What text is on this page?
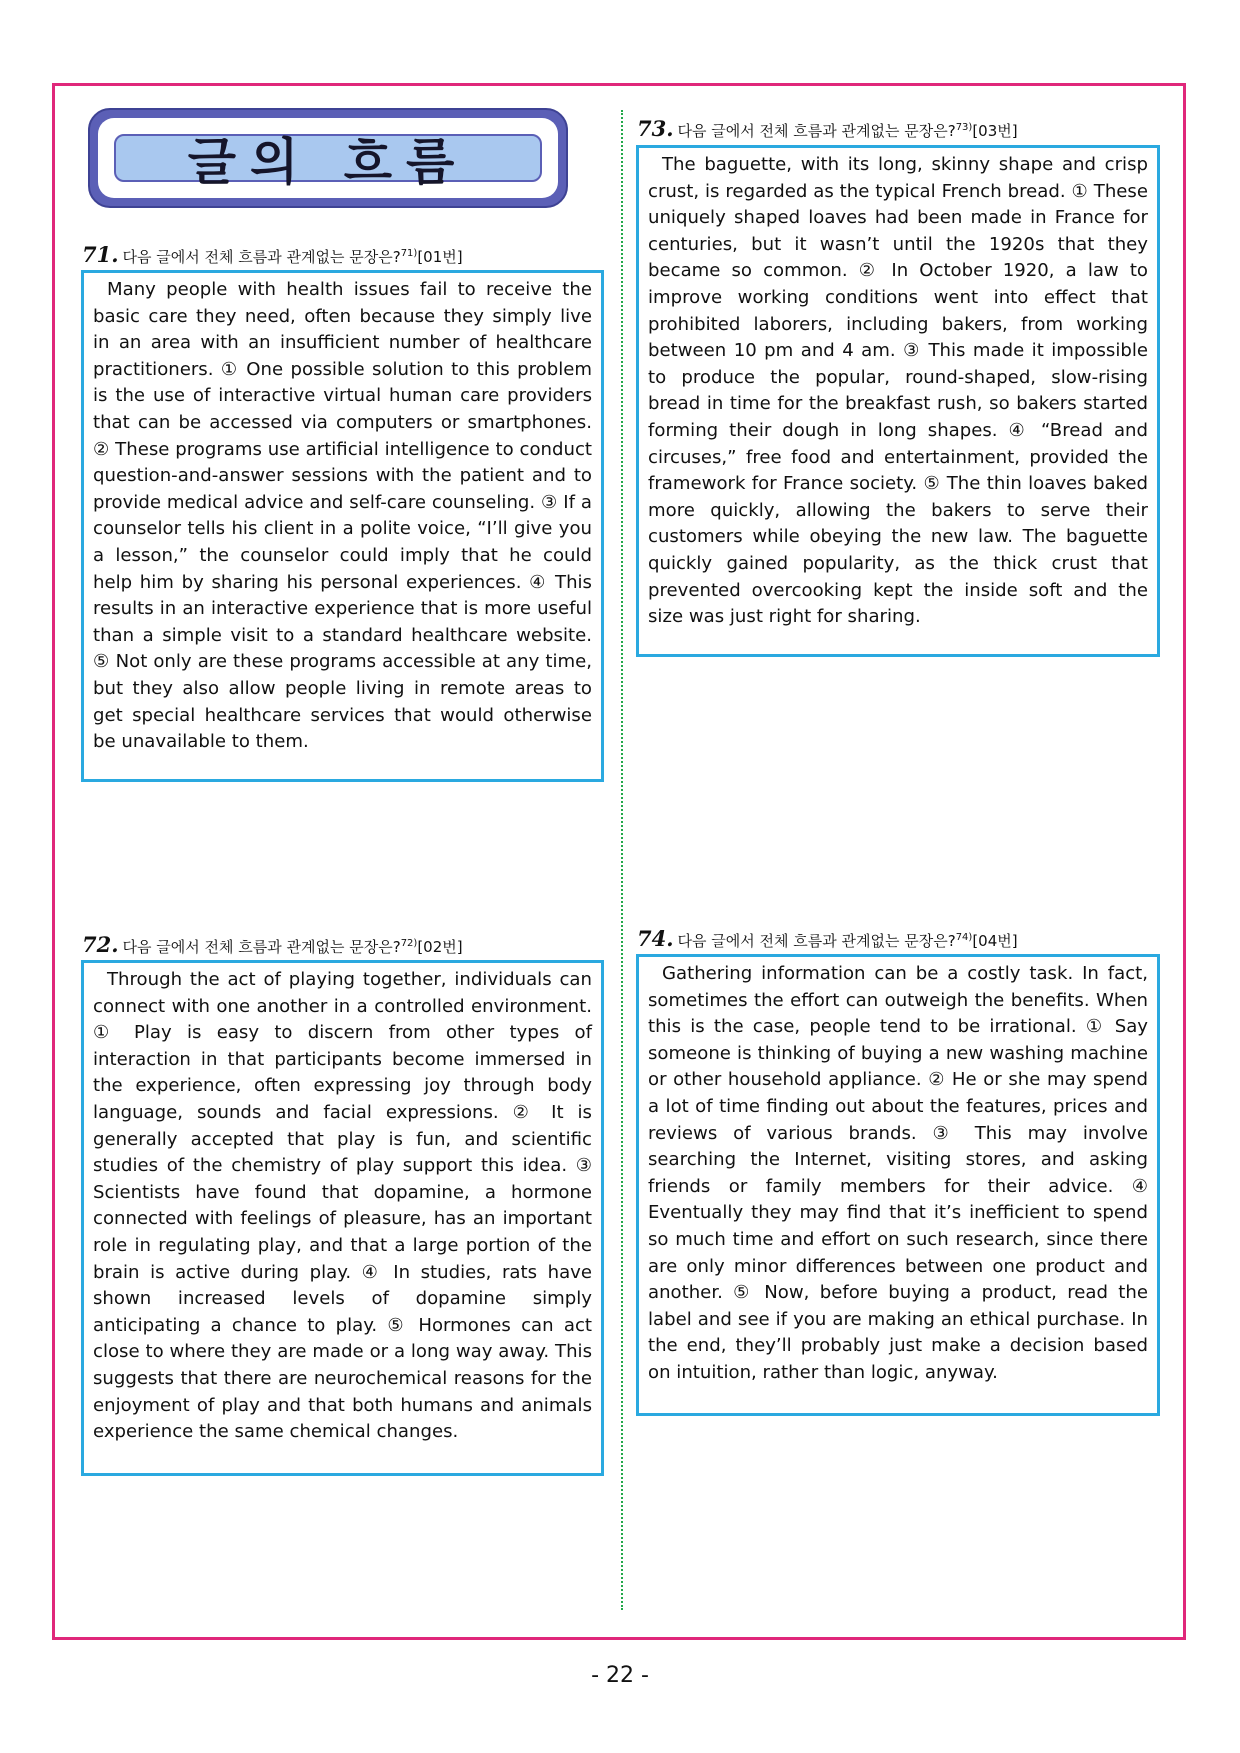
글의 흐름
71. 다음 글에서 전체 흐름과 관계없는 문장은?$^{71)}$[01번]

Many people with health issues fail to receive the basic care they need, often because they simply live in an area with an insufficient number of healthcare practitioners. ① One possible solution to this problem is the use of interactive virtual human care providers that can be accessed via computers or smartphones. ② These programs use artificial intelligence to conduct question-and-answer sessions with the patient and to provide medical advice and self-care counseling. ③ If a counselor tells his client in a polite voice, “I’ll give you a lesson,” the counselor could imply that he could help him by sharing his personal experiences. ④ This results in an interactive experience that is more useful than a simple visit to a standard healthcare website. ⑤ Not only are these programs accessible at any time, but they also allow people living in remote areas to get special healthcare services that would otherwise be unavailable to them.

72. 다음 글에서 전체 흐름과 관계없는 문장은?$^{72)}$[02번]

Through the act of playing together, individuals can connect with one another in a controlled environment. ① Play is easy to discern from other types of interaction in that participants become immersed in the experience, often expressing joy through body language, sounds and facial expressions. ② It is generally accepted that play is fun, and scientific studies of the chemistry of play support this idea. ③ Scientists have found that dopamine, a hormone connected with feelings of pleasure, has an important role in regulating play, and that a large portion of the brain is active during play. ④ In studies, rats have shown increased levels of dopamine simply anticipating a chance to play. ⑤ Hormones can act close to where they are made or a long way away. This suggests that there are neurochemical reasons for the enjoyment of play and that both humans and animals experience the same chemical changes.

73. 다음 글에서 전체 흐름과 관계없는 문장은?$^{73)}$[03번]

The baguette, with its long, skinny shape and crisp crust, is regarded as the typical French bread. ① These uniquely shaped loaves had been made in France for centuries, but it wasn’t until the 1920s that they became so common. ② In October 1920, a law to improve working conditions went into effect that prohibited laborers, including bakers, from working between 10 pm and 4 am. ③ This made it impossible to produce the popular, round-shaped, slow-rising bread in time for the breakfast rush, so bakers started forming their dough in long shapes. ④ “Bread and circuses,” free food and entertainment, provided the framework for France society. ⑤ The thin loaves baked more quickly, allowing the bakers to serve their customers while obeying the new law. The baguette quickly gained popularity, as the thick crust that prevented overcooking kept the inside soft and the size was just right for sharing.

74. 다음 글에서 전체 흐름과 관계없는 문장은?$^{74)}$[04번]

Gathering information can be a costly task. In fact, sometimes the effort can outweigh the benefits. When this is the case, people tend to be irrational. ① Say someone is thinking of buying a new washing machine or other household appliance. ② He or she may spend a lot of time finding out about the features, prices and reviews of various brands. ③ This may involve searching the Internet, visiting stores, and asking friends or family members for their advice. ④ Eventually they may find that it’s inefficient to spend so much time and effort on such research, since there are only minor differences between one product and another. ⑤ Now, before buying a product, read the label and see if you are making an ethical purchase. In the end, they’ll probably just make a decision based on intuition, rather than logic, anyway.

- 22 -
